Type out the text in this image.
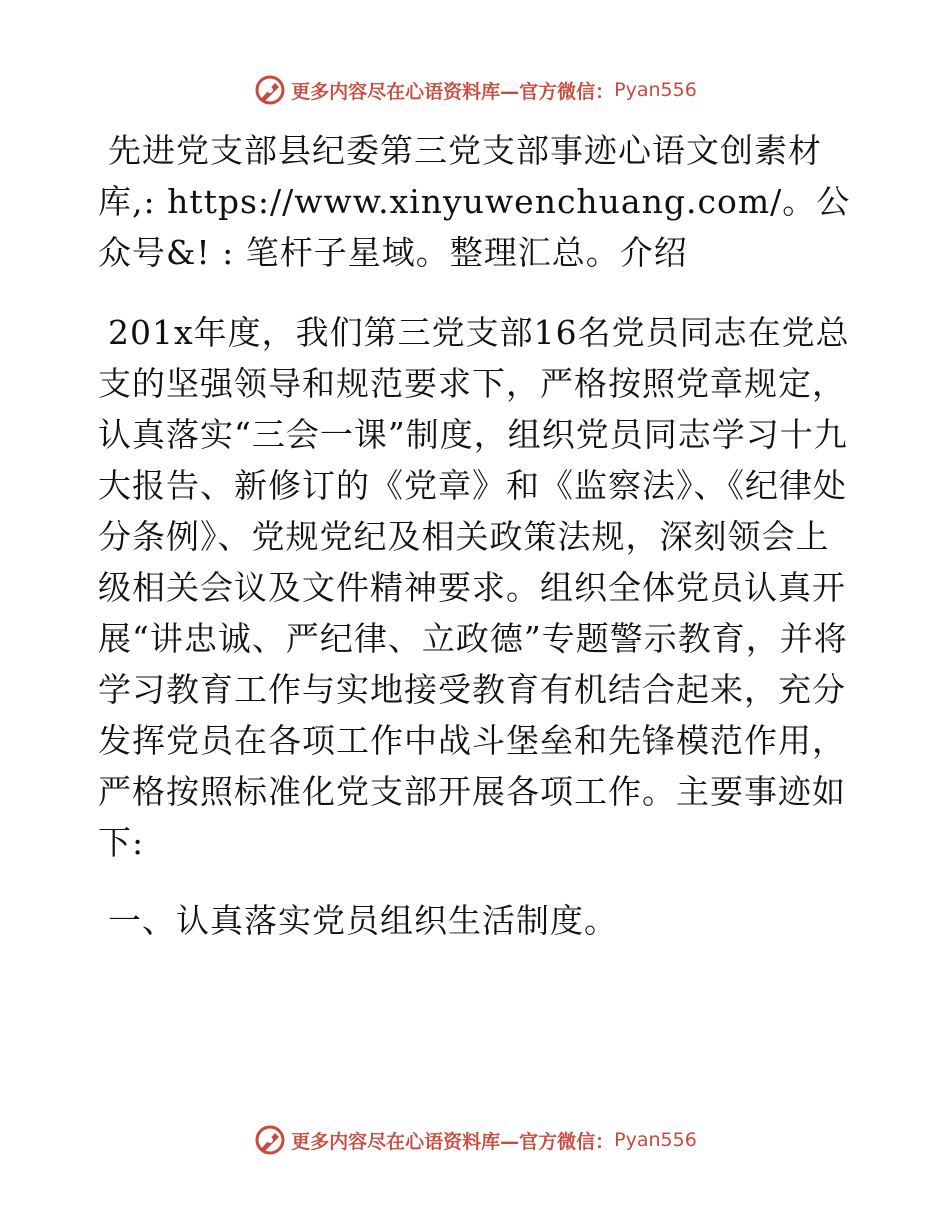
更多内容尽在心语资料库—官方微信： Pyan556

先进党支部县纪委第三党支部事迹心语文创素材库,: https://www.xinyuwenchuang.com/。公众号&! : 笔杆子星域。整理汇总。介绍

201x年度，我们第三党支部16名党员同志在党总支的坚强领导和规范要求下，严格按照党章规定，认真落实“三会一课”制度，组织党员同志学习十九大报告、新修订的《党章》和《监察法》、《纪律处分条例》、党规党纪及相关政策法规，深刻领会上级相关会议及文件精神要求。组织全体党员认真开展“讲忠诚、严纪律、立政德”专题警示教育，并将学习教育工作与实地接受教育有机结合起来，充分发挥党员在各项工作中战斗堡垒和先锋模范作用，严格按照标准化党支部开展各项工作。主要事迹如下:

一、认真落实党员组织生活制度。

更多内容尽在心语资料库—官方微信： Pyan556
